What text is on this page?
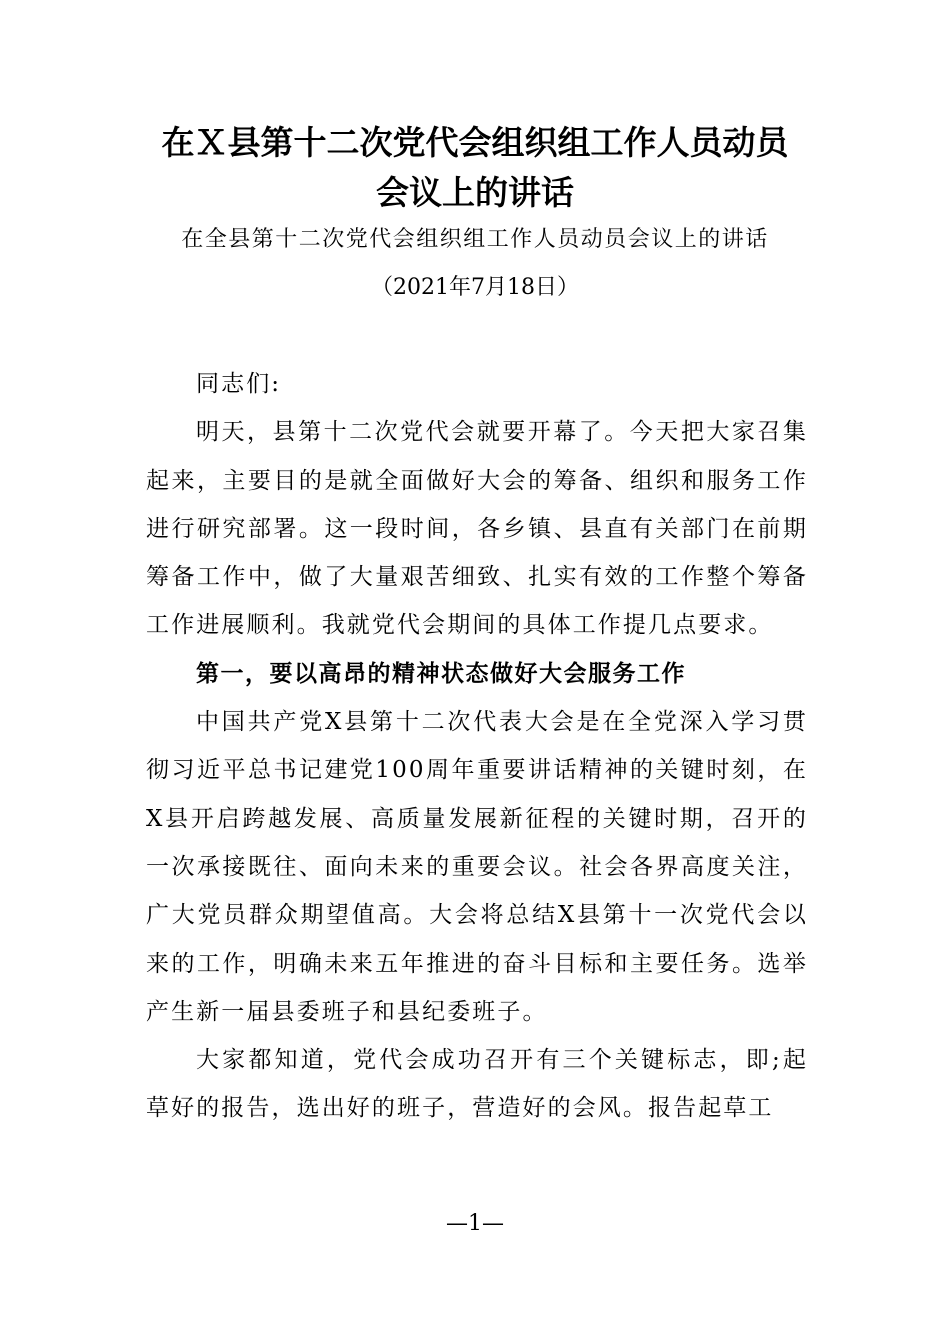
在Ｘ县第十二次党代会组织组工作人员动员会议上的讲话

在全县第十二次党代会组织组工作人员动员会议上的讲话

（2021年7月18日）

同志们:

明天，县第十二次党代会就要开幕了。今天把大家召集起来，主要目的是就全面做好大会的筹备、组织和服务工作进行研究部署。这一段时间，各乡镇、县直有关部门在前期筹备工作中，做了大量艰苦细致、扎实有效的工作整个筹备工作进展顺利。我就党代会期间的具体工作提几点要求。

第一，要以高昂的精神状态做好大会服务工作

中国共产党X县第十二次代表大会是在全党深入学习贯彻习近平总书记建党100周年重要讲话精神的关键时刻，在X县开启跨越发展、高质量发展新征程的关键时期，召开的一次承接既往、面向未来的重要会议。社会各界高度关注，广大党员群众期望值高。大会将总结X县第十一次党代会以来的工作，明确未来五年推进的奋斗目标和主要任务。选举产生新一届县委班子和县纪委班子。

大家都知道，党代会成功召开有三个关键标志，即;起草好的报告，选出好的班子，营造好的会风。报告起草工

—1—
